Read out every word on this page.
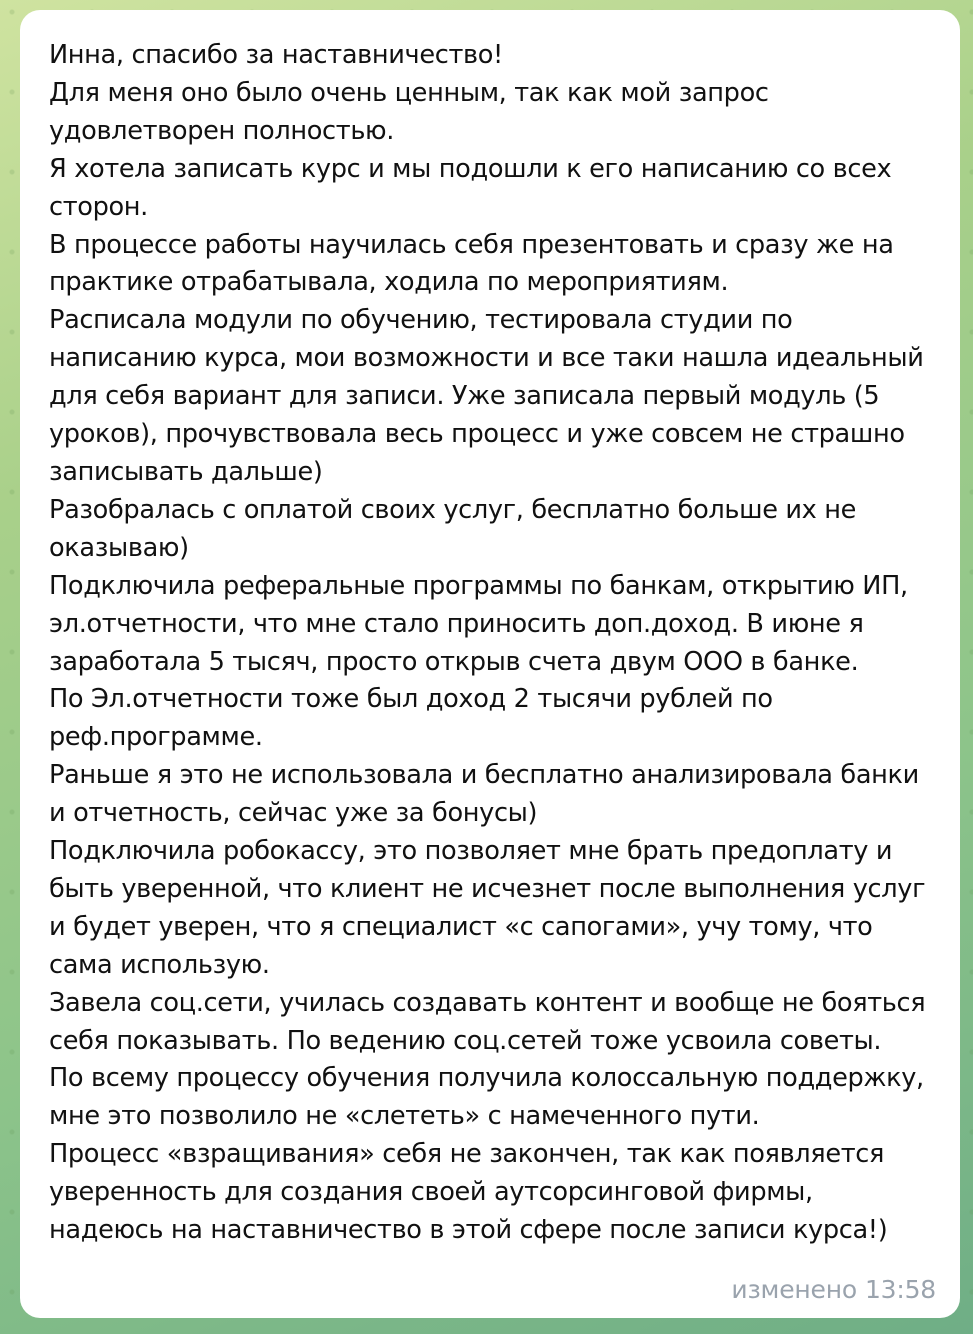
Инна, спасибо за наставничество!
Для меня оно было очень ценным, так как мой запрос удовлетворен полностью.
Я хотела записать курс и мы подошли к его написанию со всех сторон.
В процессе работы научилась себя презентовать и сразу же на практике отрабатывала, ходила по мероприятиям.
Расписала модули по обучению, тестировала студии по написанию курса, мои возможности и все таки нашла идеальный для себя вариант для записи. Уже записала первый модуль (5 уроков), прочувствовала весь процесс и уже совсем не страшно записывать дальше)
Разобралась с оплатой своих услуг, бесплатно больше их не оказываю)
Подключила реферальные программы по банкам, открытию ИП, эл.отчетности, что мне стало приносить доп.доход. В июне я заработала 5 тысяч, просто открыв счета двум ООО в банке.
По Эл.отчетности тоже был доход 2 тысячи рублей по реф.программе.
Раньше я это не использовала и бесплатно анализировала банки и отчетность, сейчас уже за бонусы)
Подключила робокассу, это позволяет мне брать предоплату и быть уверенной, что клиент не исчезнет после выполнения услуг и будет уверен, что я специалист «с сапогами», учу тому, что сама использую.
Завела соц.сети, училась создавать контент и вообще не бояться себя показывать. По ведению соц.сетей тоже усвоила советы.
По всему процессу обучения получила колоссальную поддержку, мне это позволило не «слететь» с намеченного пути.
Процесс «взращивания» себя не закончен, так как появляется уверенность для создания своей аутсорсинговой фирмы, надеюсь на наставничество в этой сфере после записи курса!)

изменено 13:58
